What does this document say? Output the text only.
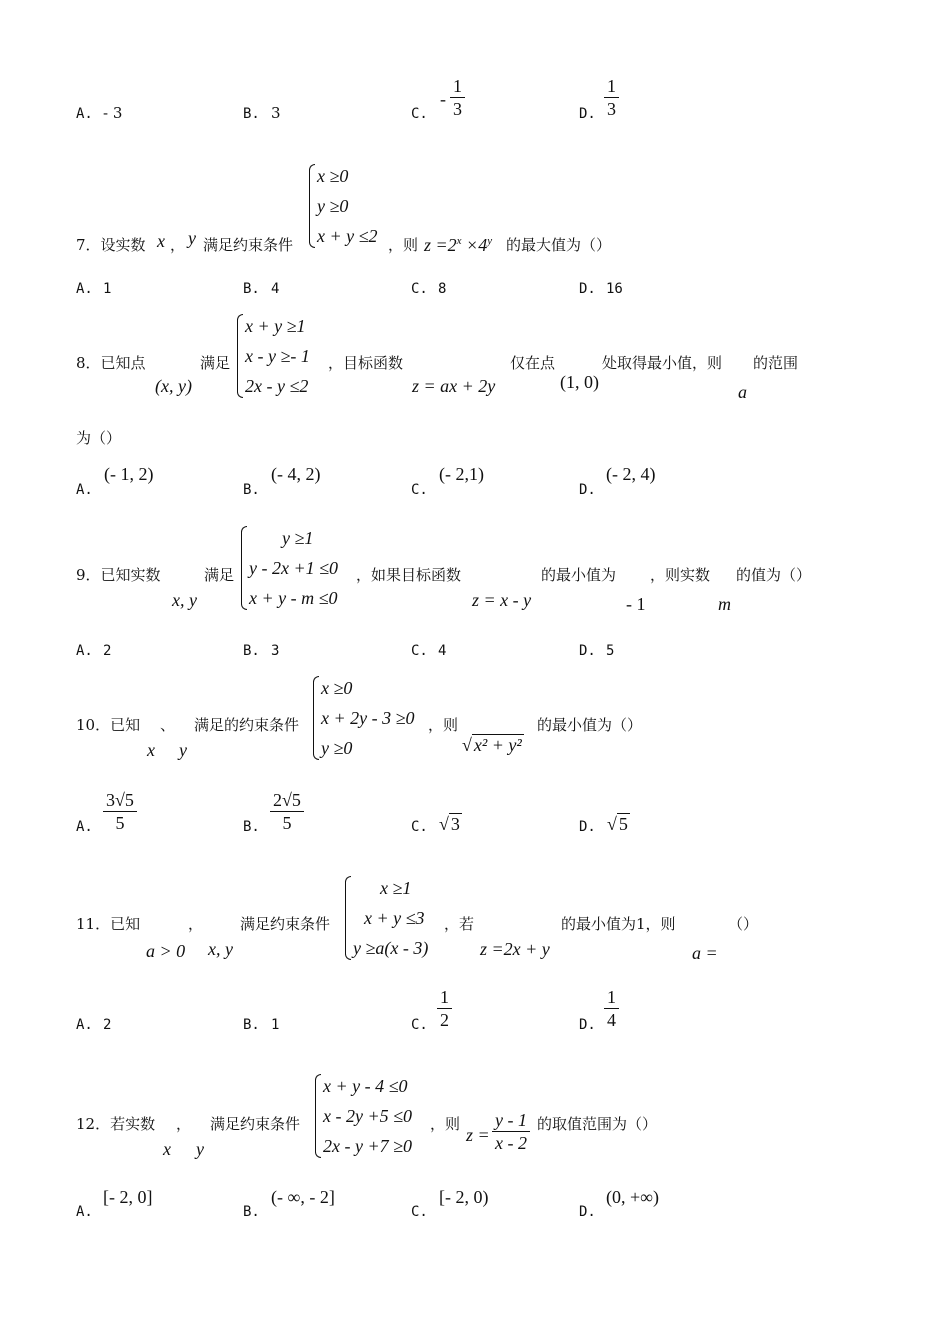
A. - 3	B. 3	C.
- $\frac{1}{3}$	D. $\frac{1}{3}$
7．设实数 x ， y 满足约束条件
x ≥0
y ≥0
x + y ≤2 ，则 $z =2^x \times 4^y$ 的最大值为（）
A. 1	B. 4	C. 8	D. 16
8．已知点
(x, y)
满足
x + y ≥1
x - y ≥- 1
2x - y ≤2
，目标函数
z = ax + 2y
仅在点
(1, 0)
处取得最小值，则
a
的范围
为（）
A.
(- 1, 2)
B.
(- 4, 2)
C.
(- 2,1)
D.
(- 2, 4)
9．已知实数
x, y
满足
y ≥1
y - 2x +1 ≤0
x + y - m ≤0
，如果目标函数
z = x - y
的最小值为
- 1
，则实数
m
的值为（）
A. 2	B. 3	C. 4	D. 5
10．已知
x
、
y
满足的约束条件
x ≥0
x + 2y - 3 ≥0
y ≥0
，则
√ x² + y²
的最小值为（）
A. $\frac{3√5}{5}$	B. $\frac{2√5}{5}$	C. √ 3	D. √ 5
11．已知
a > 0
，
x, y
满足约束条件
x ≥1
x + y ≤3
y ≥a(x - 3)
，若
z =2x + y
的最小值为1，则
a =
（）
A. 2	B. 1	C. $\frac{1}{2}$	D. $\frac{1}{4}$
12．若实数
x
，
y
满足约束条件
x + y - 4 ≤0
x - 2y +5 ≤0
2x - y +7 ≥0
，则
$z = \frac{y - 1}{x - 2}$ 的取值范围为（）
A.
[- 2, 0]
B.
(- ∞, - 2]
C.
[- 2, 0)
D.
(0, +∞)
